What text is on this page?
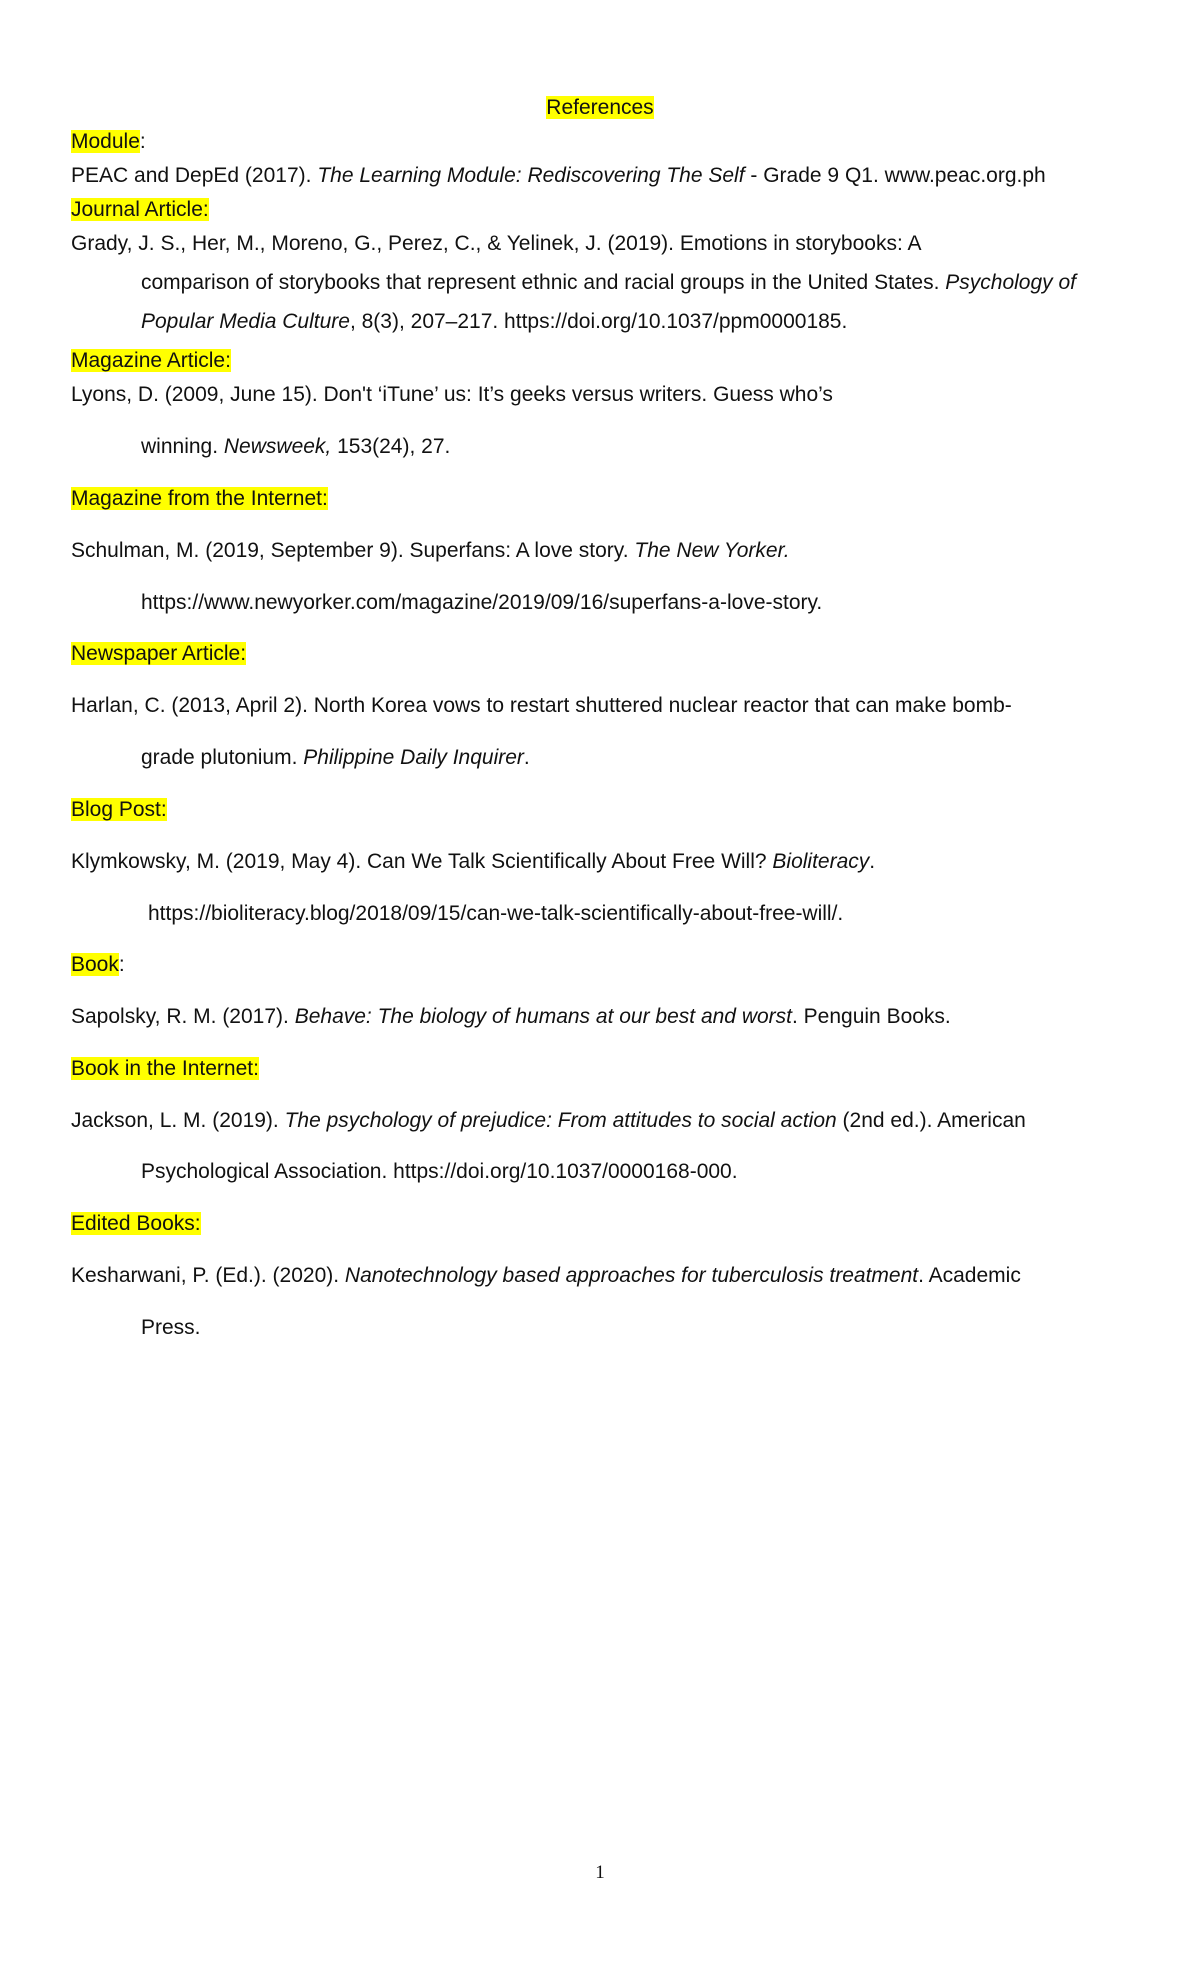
References
Module:
PEAC and DepEd (2017). The Learning Module: Rediscovering The Self - Grade 9 Q1. www.peac.org.ph
Journal Article:
Grady, J. S., Her, M., Moreno, G., Perez, C., & Yelinek, J. (2019). Emotions in storybooks: A
comparison of storybooks that represent ethnic and racial groups in the United States. Psychology of
Popular Media Culture, 8(3), 207–217. https://doi.org/10.1037/ppm0000185.
Magazine Article:
Lyons, D. (2009, June 15). Don't ‘iTune’ us: It’s geeks versus writers. Guess who’s
winning. Newsweek, 153(24), 27.
Magazine from the Internet:
Schulman, M. (2019, September 9). Superfans: A love story. The New Yorker.
https://www.newyorker.com/magazine/2019/09/16/superfans-a-love-story.
Newspaper Article:
Harlan, C. (2013, April 2). North Korea vows to restart shuttered nuclear reactor that can make bomb-
grade plutonium. Philippine Daily Inquirer.
Blog Post:
Klymkowsky, M. (2019, May 4). Can We Talk Scientifically About Free Will? Bioliteracy.
https://bioliteracy.blog/2018/09/15/can-we-talk-scientifically-about-free-will/.
Book:
Sapolsky, R. M. (2017). Behave: The biology of humans at our best and worst. Penguin Books.
Book in the Internet:
Jackson, L. M. (2019). The psychology of prejudice: From attitudes to social action (2nd ed.). American
Psychological Association. https://doi.org/10.1037/0000168-000.
Edited Books:
Kesharwani, P. (Ed.). (2020). Nanotechnology based approaches for tuberculosis treatment. Academic
Press.
1
